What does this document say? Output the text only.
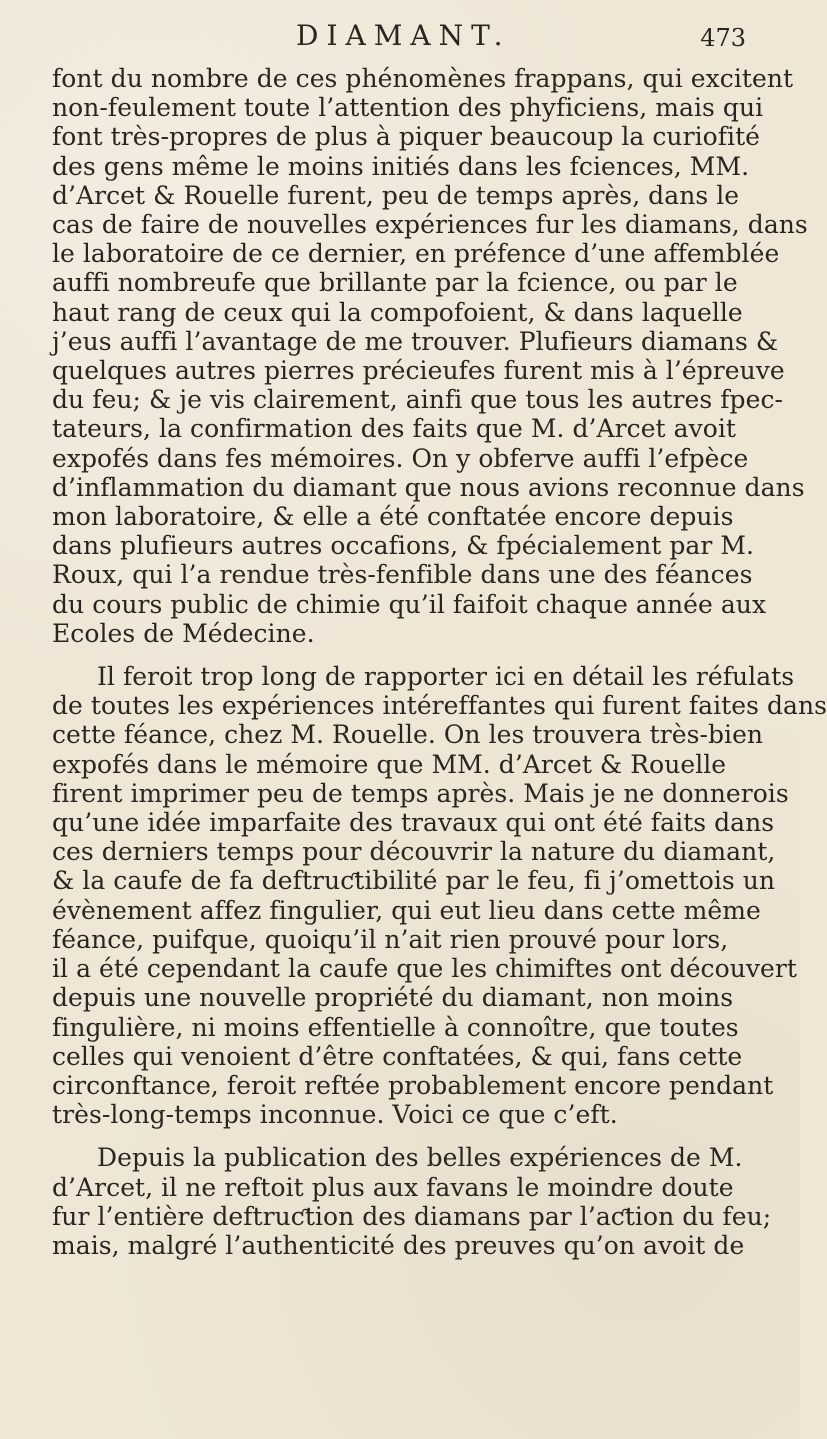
DIAMANT.	473
font du nombre de ces phénomènes frappans, qui excitent
non-feulement toute l’attention des phyficiens, mais qui
font très-propres de plus à piquer beaucoup la curiofité
des gens même le moins initiés dans les fciences, MM.
d’Arcet & Rouelle furent, peu de temps après, dans le
cas de faire de nouvelles expériences fur les diamans, dans
le laboratoire de ce dernier, en préfence d’une affemblée
auffi nombreufe que brillante par la fcience, ou par le
haut rang de ceux qui la compofoient, & dans laquelle
j’eus auffi l’avantage de me trouver. Plufieurs diamans &
quelques autres pierres précieufes furent mis à l’épreuve
du feu; & je vis clairement, ainfi que tous les autres fpec-
tateurs, la confirmation des faits que M. d’Arcet avoit
expofés dans fes mémoires. On y obferve auffi l’efpèce
d’inflammation du diamant que nous avions reconnue dans
mon laboratoire, & elle a été conftatée encore depuis
dans plufieurs autres occafions, & fpécialement par M.
Roux, qui l’a rendue très-fenfible dans une des féances
du cours public de chimie qu’il faifoit chaque année aux
Ecoles de Médecine.
Il feroit trop long de rapporter ici en détail les réfulats
de toutes les expériences intéreffantes qui furent faites dans
cette féance, chez M. Rouelle. On les trouvera très-bien
expofés dans le mémoire que MM. d’Arcet & Rouelle
firent imprimer peu de temps après. Mais je ne donnerois
qu’une idée imparfaite des travaux qui ont été faits dans
ces derniers temps pour découvrir la nature du diamant,
& la caufe de fa deftruƈtibilité par le feu, fi j’omettois un
évènement affez fingulier, qui eut lieu dans cette même
féance, puifque, quoiqu’il n’ait rien prouvé pour lors,
il a été cependant la caufe que les chimiftes ont découvert
depuis une nouvelle propriété du diamant, non moins
fingulière, ni moins effentielle à connoître, que toutes
celles qui venoient d’être conftatées, & qui, fans cette
circonftance, feroit reftée probablement encore pendant
très-long-temps inconnue. Voici ce que c’eft.
Depuis la publication des belles expériences de M.
d’Arcet, il ne reftoit plus aux favans le moindre doute
fur l’entière deftruƈtion des diamans par l’aƈtion du feu;
mais, malgré l’authenticité des preuves qu’on avoit de
